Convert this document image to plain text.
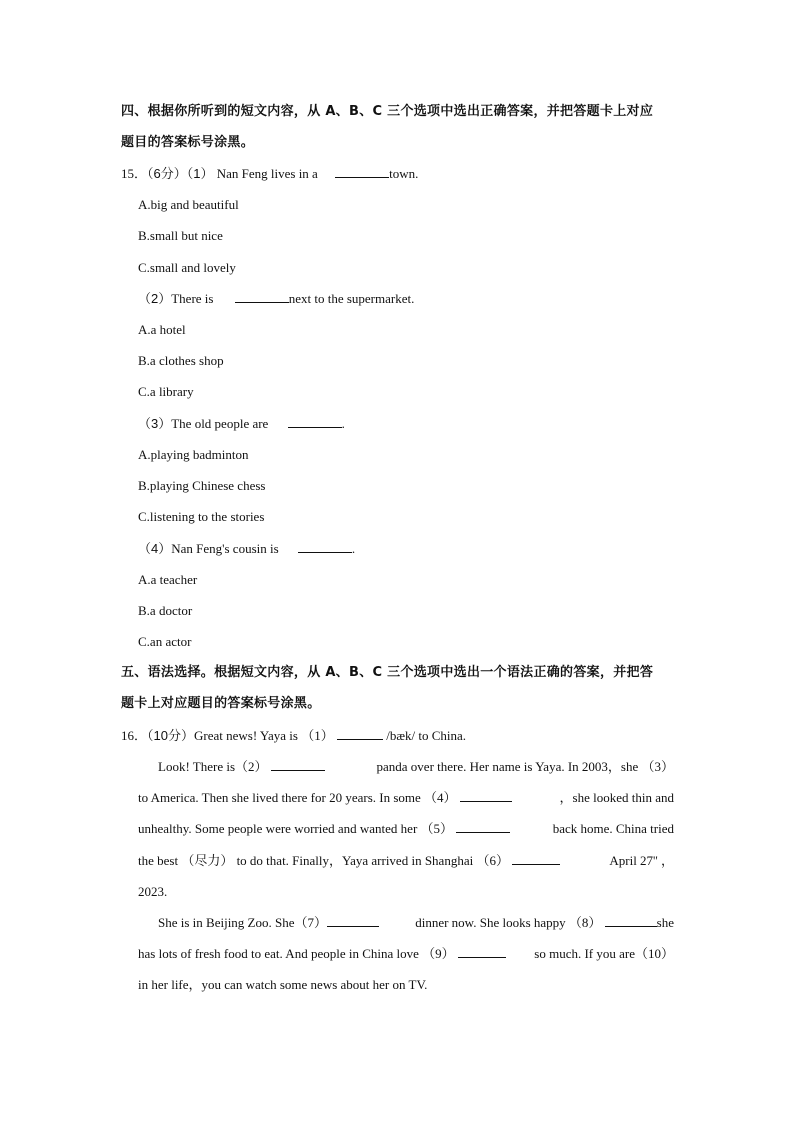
四、根据你所听到的短文内容，从 A、B、C 三个选项中选出正确答案，并把答题卡上对应
题目的答案标号涂黑。
15．（6分）（1） Nan Feng lives in a	town.
A.big and beautiful
B.small but nice
C.small and lovely
（2）There is	next to the supermarket.
A.a hotel
B.a clothes shop
C.a library
（3）The old people are	.
A.playing badminton
B.playing Chinese chess
C.listening to the stories
（4）Nan Feng's cousin is	.
A.a teacher
B.a doctor
C.an actor
五、语法选择。根据短文内容，从 A、B、C 三个选项中选出一个语法正确的答案，并把答
题卡上对应题目的答案标号涂黑。
16．（10分）Great news! Yaya is （1）	/bæk/ to China.
Look! There is（2）	panda over there. Her name is Yaya. In 2003，she （3）
to America. Then she lived there for 20 years. In some （4）	，she looked thin and
unhealthy. Some people were worried and wanted her （5）	back home. China tried
the best （尽力） to do that. Finally，Yaya arrived in Shanghai （6）	April 27'' ，
2023.
She is in Beijing Zoo. She（7）	dinner now. She looks happy （8）	she
has lots of fresh food to eat. And people in China love （9）	so much. If you are（10）
in her life，you can watch some news about her on TV.
